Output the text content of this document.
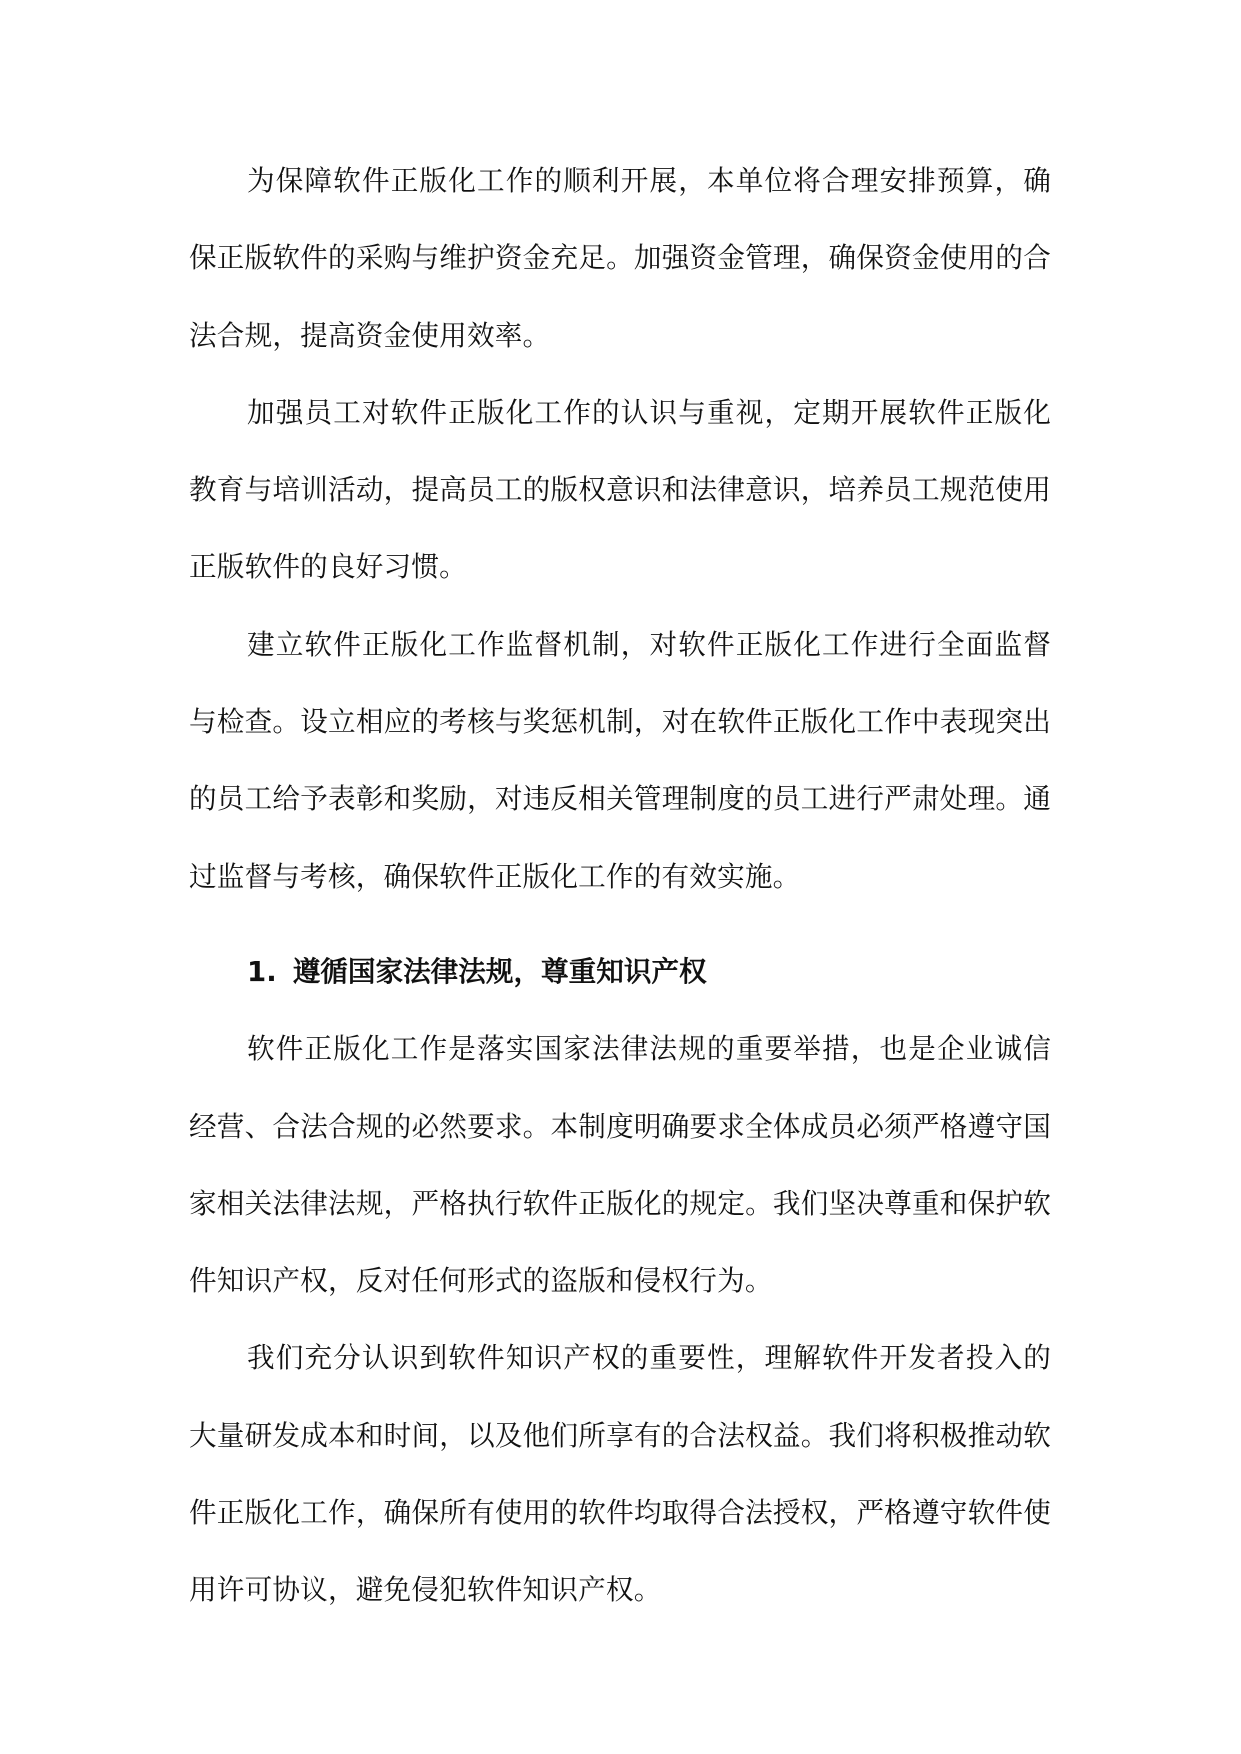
为保障软件正版化工作的顺利开展，本单位将合理安排预算，确保正版软件的采购与维护资金充足。加强资金管理，确保资金使用的合法合规，提高资金使用效率。

加强员工对软件正版化工作的认识与重视，定期开展软件正版化教育与培训活动，提高员工的版权意识和法律意识，培养员工规范使用正版软件的良好习惯。

建立软件正版化工作监督机制，对软件正版化工作进行全面监督与检查。设立相应的考核与奖惩机制，对在软件正版化工作中表现突出的员工给予表彰和奖励，对违反相关管理制度的员工进行严肃处理。通过监督与考核，确保软件正版化工作的有效实施。

1. 遵循国家法律法规，尊重知识产权

软件正版化工作是落实国家法律法规的重要举措，也是企业诚信经营、合法合规的必然要求。本制度明确要求全体成员必须严格遵守国家相关法律法规，严格执行软件正版化的规定。我们坚决尊重和保护软件知识产权，反对任何形式的盗版和侵权行为。

我们充分认识到软件知识产权的重要性，理解软件开发者投入的大量研发成本和时间，以及他们所享有的合法权益。我们将积极推动软件正版化工作，确保所有使用的软件均取得合法授权，严格遵守软件使用许可协议，避免侵犯软件知识产权。
